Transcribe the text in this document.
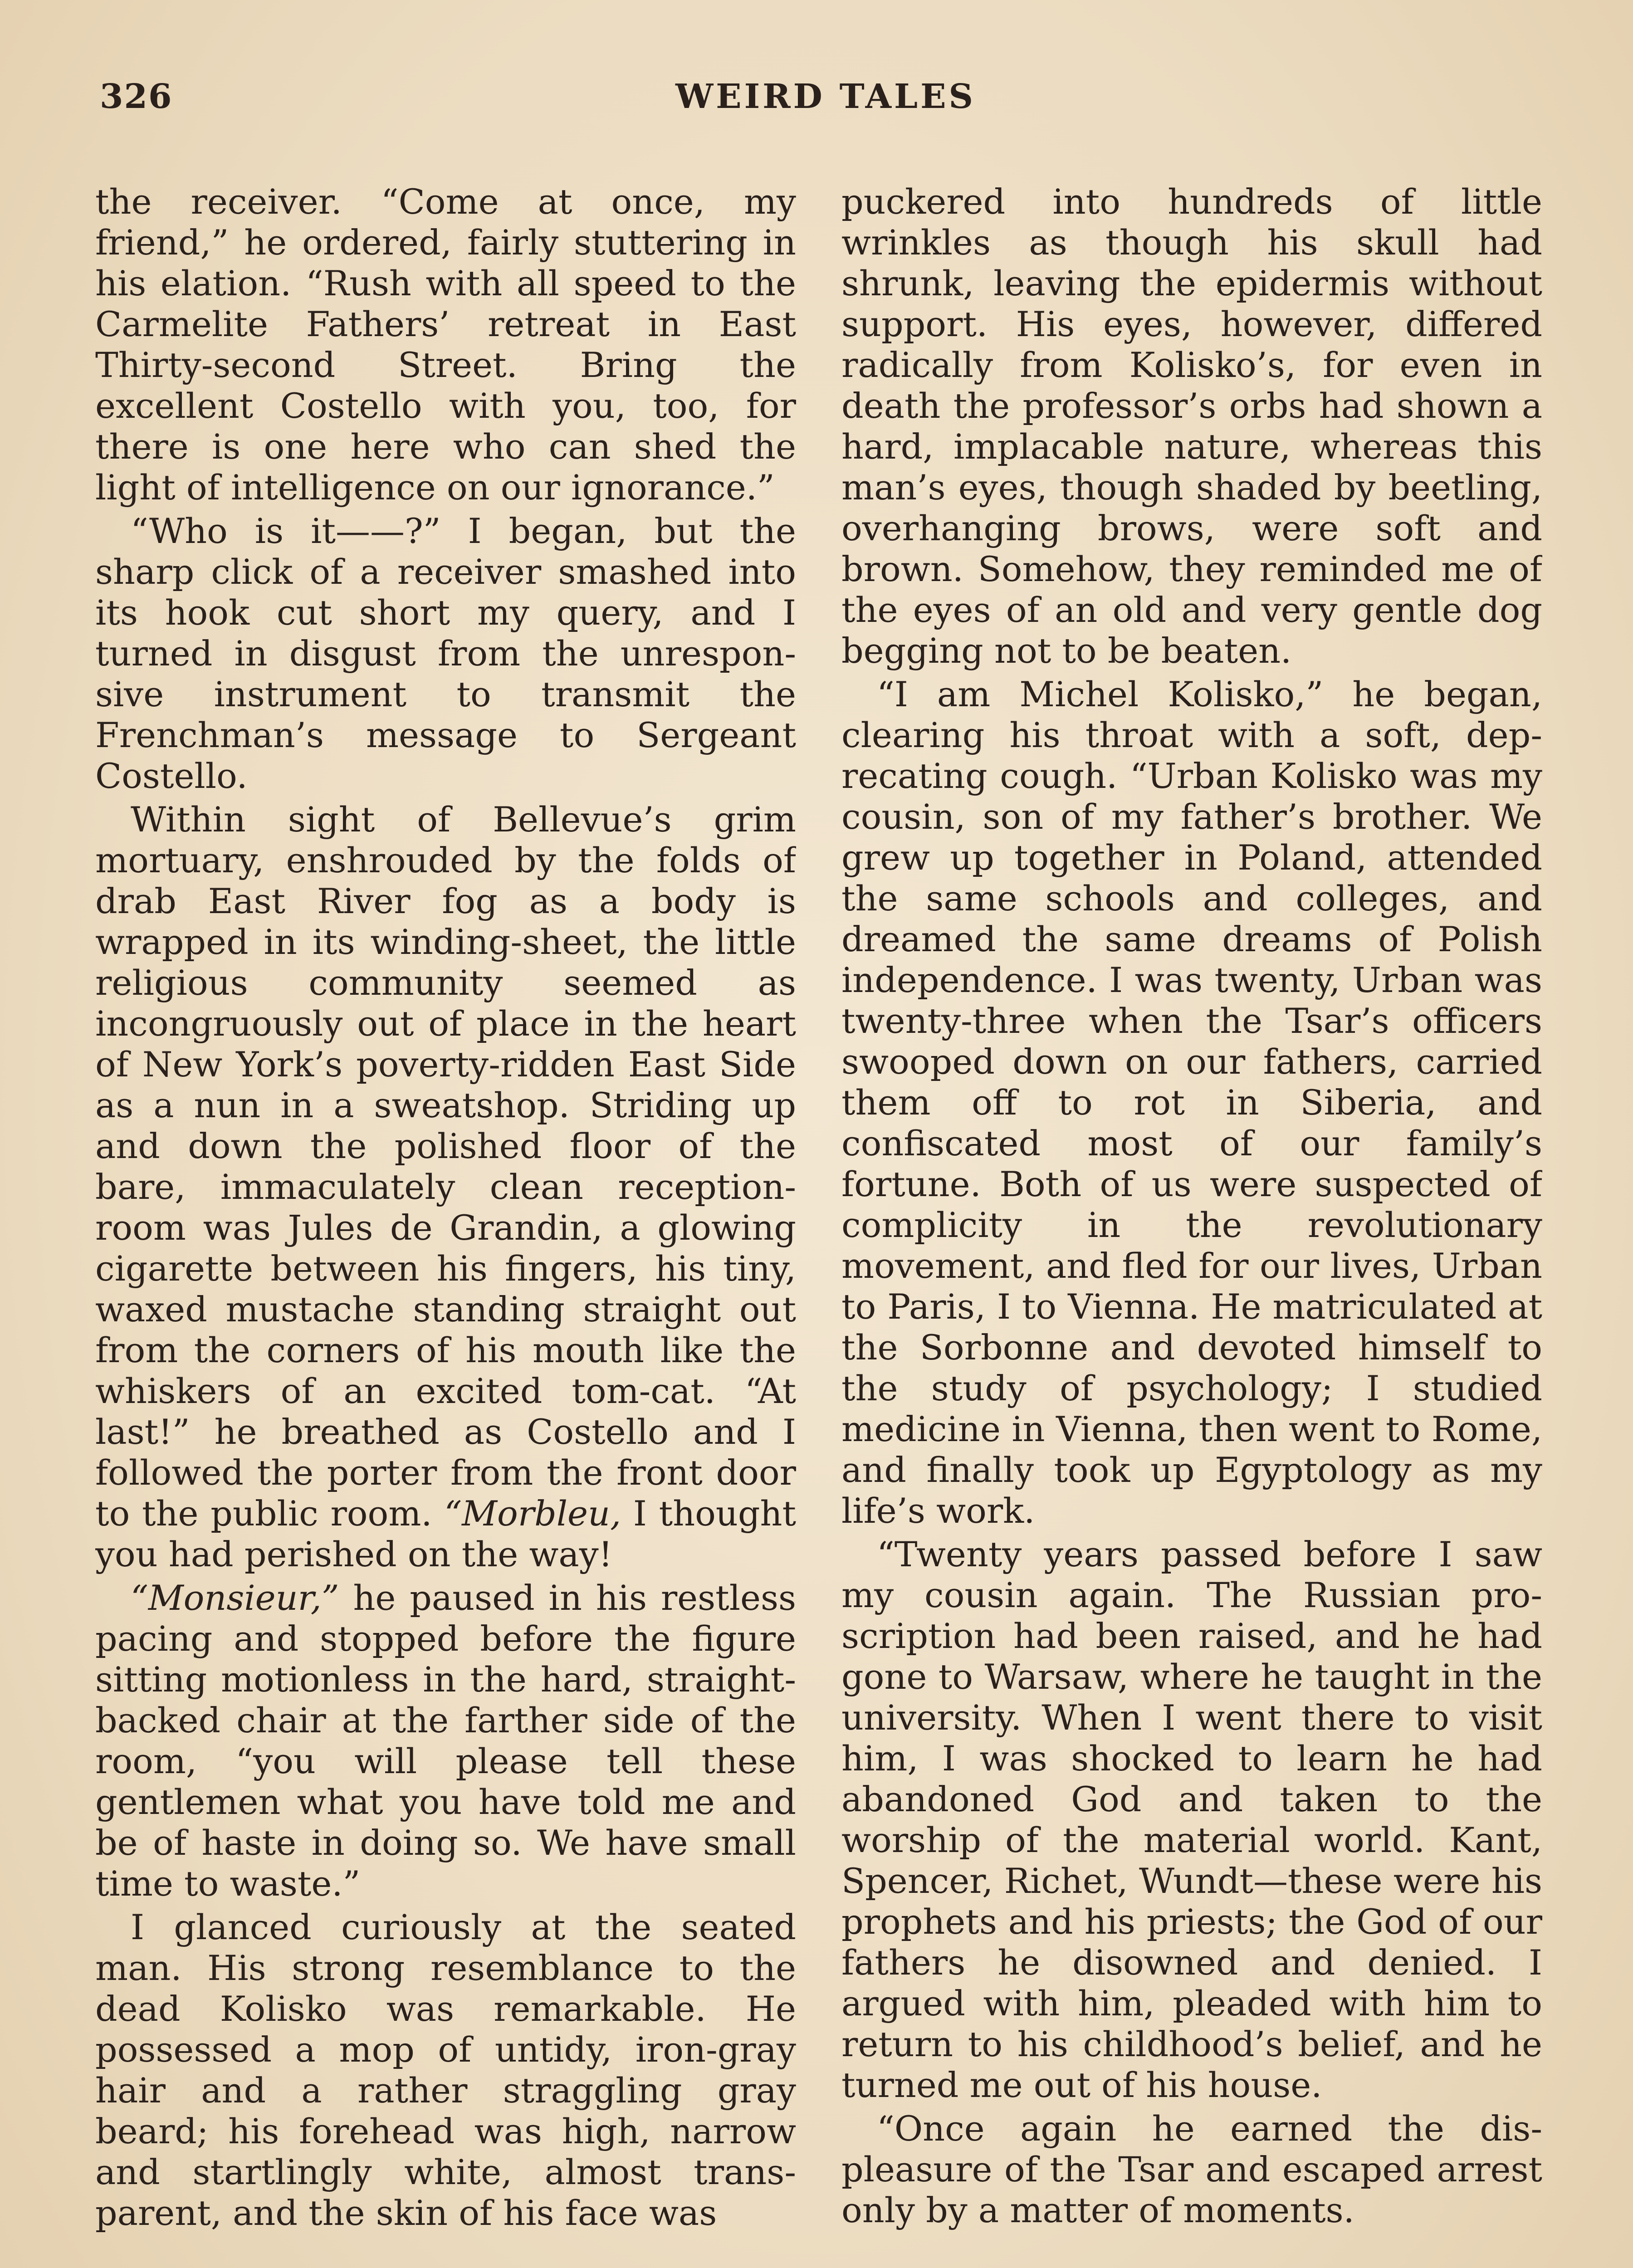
326	WEIRD TALES

the receiver. “Come at once, my friend,” he ordered, fairly stuttering in his elation. “Rush with all speed to the Carmelite Fathers’ retreat in East Thirty-second Street. Bring the excellent Costello with you, too, for there is one here who can shed the light of intelligence on our ignorance.”

“Who is it——?” I began, but the sharp click of a receiver smashed into its hook cut short my query, and I turned in disgust from the unresponsive instrument to transmit the Frenchman’s message to Sergeant Costello.

Within sight of Bellevue’s grim mortuary, enshrouded by the folds of drab East River fog as a body is wrapped in its winding-sheet, the little religious community seemed as incongruously out of place in the heart of New York’s poverty-ridden East Side as a nun in a sweatshop. Striding up and down the polished floor of the bare, immaculately clean reception-room was Jules de Grandin, a glowing cigarette between his fingers, his tiny, waxed mustache standing straight out from the corners of his mouth like the whiskers of an excited tom-cat. “At last!” he breathed as Costello and I followed the porter from the front door to the public room. “Morbleu, I thought you had perished on the way!

“Monsieur,” he paused in his restless pacing and stopped before the figure sitting motionless in the hard, straight-backed chair at the farther side of the room, “you will please tell these gentlemen what you have told me and be of haste in doing so. We have small time to waste.”

I glanced curiously at the seated man. His strong resemblance to the dead Kolisko was remarkable. He possessed a mop of untidy, iron-gray hair and a rather straggling gray beard; his forehead was high, narrow and startlingly white, almost transparent, and the skin of his face was

puckered into hundreds of little wrinkles as though his skull had shrunk, leaving the epidermis without support. His eyes, however, differed radically from Kolisko’s, for even in death the professor’s orbs had shown a hard, implacable nature, whereas this man’s eyes, though shaded by beetling, overhanging brows, were soft and brown. Somehow, they reminded me of the eyes of an old and very gentle dog begging not to be beaten.

“I am Michel Kolisko,” he began, clearing his throat with a soft, deprecating cough. “Urban Kolisko was my cousin, son of my father’s brother. We grew up together in Poland, attended the same schools and colleges, and dreamed the same dreams of Polish independence. I was twenty, Urban was twenty-three when the Tsar’s officers swooped down on our fathers, carried them off to rot in Siberia, and confiscated most of our family’s fortune. Both of us were suspected of complicity in the revolutionary movement, and fled for our lives, Urban to Paris, I to Vienna. He matriculated at the Sorbonne and devoted himself to the study of psychology; I studied medicine in Vienna, then went to Rome, and finally took up Egyptology as my life’s work.

“Twenty years passed before I saw my cousin again. The Russian proscription had been raised, and he had gone to Warsaw, where he taught in the university. When I went there to visit him, I was shocked to learn he had abandoned God and taken to the worship of the material world. Kant, Spencer, Richet, Wundt—these were his prophets and his priests; the God of our fathers he disowned and denied. I argued with him, pleaded with him to return to his childhood’s belief, and he turned me out of his house.

“Once again he earned the displeasure of the Tsar and escaped arrest only by a matter of moments.
